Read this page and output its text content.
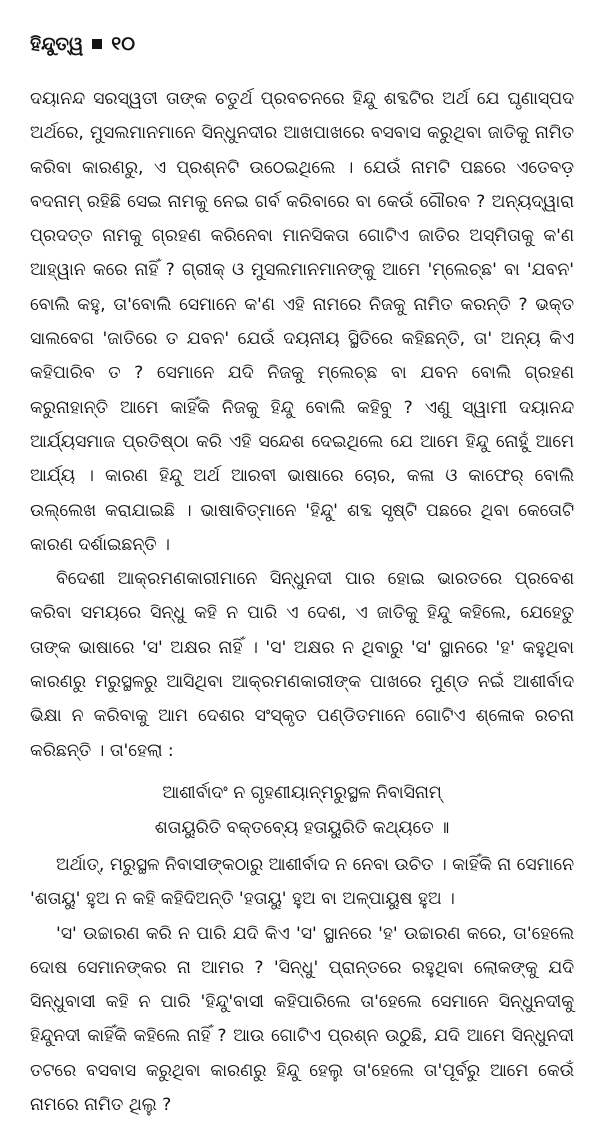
ହିନ୍ଦୁତ୍ୱ ୧୦

ଦୟାନନ୍ଦ ସରସ୍ୱତୀ ତାଙ୍କ ଚତୁର୍ଥ ପ୍ରବଚନରେ ହିନ୍ଦୁ ଶବ୍ଦଟିର ଅର୍ଥ ଯେ ଘୃଣାସ୍ପଦ ଅର୍ଥରେ, ମୁସଲମାନମାନେ ସିନ୍ଧୁନଦୀର ଆଖପାଖରେ ବସବାସ କରୁଥିବା ଜାତିକୁ ନାମିତ କରିବା କାରଣରୁ, ଏ ପ୍ରଶ୍ନଟି ଉଠେଇଥିଲେ । ଯେଉଁ ନାମଟି ପଛରେ ଏତେବଡ଼ ବଦନାମ୍ ରହିଛି ସେଇ ନାମକୁ ନେଇ ଗର୍ବ କରିବାରେ ବା କେଉଁ ଗୌରବ ? ଅନ୍ୟଦ୍ୱାରା ପ୍ରଦତ୍ତ ନାମକୁ ଗ୍ରହଣ କରିନେବା ମାନସିକତା ଗୋଟିଏ ଜାତିର ଅସ୍ମିତାକୁ କ'ଣ ଆହ୍ୱାନ କରେ ନାହିଁ ? ଗ୍ରୀକ୍ ଓ ମୁସଲମାନମାନଙ୍କୁ ଆମେ 'ମ୍ଲେଚ୍ଛ' ବା 'ଯବନ' ବୋଲି କହୁ, ତା'ବୋଲି ସେମାନେ କ'ଣ ଏହି ନାମରେ ନିଜକୁ ନାମିତ କରନ୍ତି ? ଭକ୍ତ ସାଲବେଗ 'ଜାତିରେ ତ ଯବନ' ଯେଉଁ ଦୟନୀୟ ସ୍ଥିତିରେ କହିଛନ୍ତି, ତା' ଅନ୍ୟ କିଏ କହିପାରିବ ତ ? ସେମାନେ ଯଦି ନିଜକୁ ମ୍ଲେଚ୍ଛ ବା ଯବନ ବୋଲି ଗ୍ରହଣ କରୁନାହାନ୍ତି ଆମେ କାହିଁକି ନିଜକୁ ହିନ୍ଦୁ ବୋଲି କହିବୁ ? ଏଣୁ ସ୍ୱାମୀ ଦୟାନନ୍ଦ ଆର୍ଯ୍ୟସମାଜ ପ୍ରତିଷ୍ଠା କରି ଏହି ସନ୍ଦେଶ ଦେଇଥିଲେ ଯେ ଆମେ ହିନ୍ଦୁ ନୋହୁଁ ଆମେ ଆର୍ଯ୍ୟ । କାରଣ ହିନ୍ଦୁ ଅର୍ଥ ଆରବୀ ଭାଷାରେ ଚୋର, କଳା ଓ କାଫେର୍ ବୋଲି ଉଲ୍ଲେଖ କରାଯାଇଛି । ଭାଷାବିତ୍‌ମାନେ 'ହିନ୍ଦୁ' ଶବ୍ଦ ସୃଷ୍ଟି ପଛରେ ଥିବା କେତୋଟି କାରଣ ଦର୍ଶାଇଛନ୍ତି ।

ବିଦେଶୀ ଆକ୍ରମଣକାରୀମାନେ ସିନ୍ଧୁନଦୀ ପାର ହୋଇ ଭାରତରେ ପ୍ରବେଶ କରିବା ସମୟରେ ସିନ୍ଧୁ କହି ନ ପାରି ଏ ଦେଶ, ଏ ଜାତିକୁ ହିନ୍ଦୁ କହିଲେ, ଯେହେତୁ ତାଙ୍କ ଭାଷାରେ 'ସ' ଅକ୍ଷର ନାହିଁ । 'ସ' ଅକ୍ଷର ନ ଥିବାରୁ 'ସ' ସ୍ଥାନରେ 'ହ' କହୁଥିବା କାରଣରୁ ମରୁସ୍ଥଳରୁ ଆସିଥିବା ଆକ୍ରମଣକାରୀଙ୍କ ପାଖରେ ମୁଣ୍ଡ ନଇଁ ଆଶୀର୍ବାଦ ଭିକ୍ଷା ନ କରିବାକୁ ଆମ ଦେଶର ସଂସ୍କୃତ ପଣ୍ଡିତମାନେ ଗୋଟିଏ ଶ୍ଳୋକ ରଚନା କରିଛନ୍ତି । ତା'ହେଲା :

ଆଶୀର୍ବାଦଂ ନ ଗୃହଣୀୟାନ୍ମରୁସ୍ଥଳ ନିବାସିନାମ୍
ଶତାୟୁରିତି ବକ୍ତବ୍ୟେ ହତାୟୁରିତି କଥ୍ୟତେ ॥

ଅର୍ଥାତ୍, ମରୁସ୍ଥଳ ନିବାସୀଙ୍କଠାରୁ ଆଶୀର୍ବାଦ ନ ନେବା ଉଚିତ । କାହିଁକି ନା ସେମାନେ 'ଶତାୟୁ' ହୁଅ ନ କହି କହିଦିଅନ୍ତି 'ହତାୟୁ' ହୁଅ ବା ଅଳ୍ପାୟୁଷ ହୁଅ ।

'ସ' ଉଚ୍ଚାରଣ କରି ନ ପାରି ଯଦି କିଏ 'ସ' ସ୍ଥାନରେ 'ହ' ଉଚ୍ଚାରଣ କରେ, ତା'ହେଲେ ଦୋଷ ସେମାନଙ୍କର ନା ଆମର ? 'ସିନ୍ଧୁ' ପ୍ରାନ୍ତରେ ରହୁଥିବା ଲୋକଙ୍କୁ ଯଦି ସିନ୍ଧୁବାସୀ କହି ନ ପାରି 'ହିନ୍ଦୁ'ବାସୀ କହିପାରିଲେ ତା'ହେଲେ ସେମାନେ ସିନ୍ଧୁନଦୀକୁ ହିନ୍ଦୁନଦୀ କାହିଁକି କହିଲେ ନାହିଁ ? ଆଉ ଗୋଟିଏ ପ୍ରଶ୍ନ ଉଠୁଛି, ଯଦି ଆମେ ସିନ୍ଧୁନଦୀ ତଟରେ ବସବାସ କରୁଥିବା କାରଣରୁ ହିନ୍ଦୁ ହେଲୁ ତା'ହେଲେ ତା'ପୂର୍ବରୁ ଆମେ କେଉଁ ନାମରେ ନାମିତ ଥିଲୁ ?
